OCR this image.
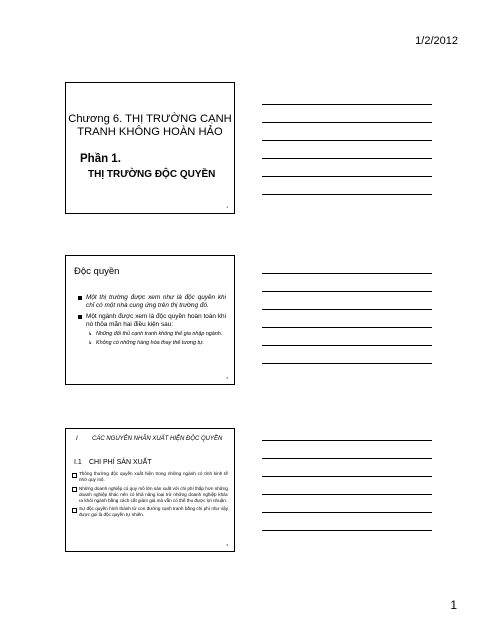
1/2/2012
Chương 6. THỊ TRƯỜNG CẠNH
TRANH KHÔNG HOÀN HẢO
Phần 1.
THỊ TRƯỜNG ĐỘC QUYỀN
1
Độc quyền
Một thị trường được xem như là độc quyền khi chỉ có một nhà cung ứng trên thị trường đó.
Một ngành được xem là độc quyền hoàn toàn khi nó thỏa mãn hai điều kiện sau:
↳ Những đối thủ cạnh tranh không thể gia nhập ngành.
↳ Không có những hàng hóa thay thế tương tự.
2
I CÁC NGUYÊN NHÂN XUẤT HIỆN ĐỘC QUYỀN
I.1 CHI PHÍ SẢN XUẤT
Thông thường độc quyền xuất hiện trong những ngành có tính kinh tế nhờ quy mô.
Những doanh nghiệp có quy mô lớn sản xuất với chi phí thấp hơn những doanh nghiệp khác nên có khả năng loại trừ những doanh nghiệp khác ra khỏi ngành bằng cách cắt giảm giá mà vẫn có thể thu được lợi nhuận.
Sự độc quyền hình thành từ con đường cạnh tranh bằng chi phí như vậy được gọi là độc quyền tự nhiên.
3
1
